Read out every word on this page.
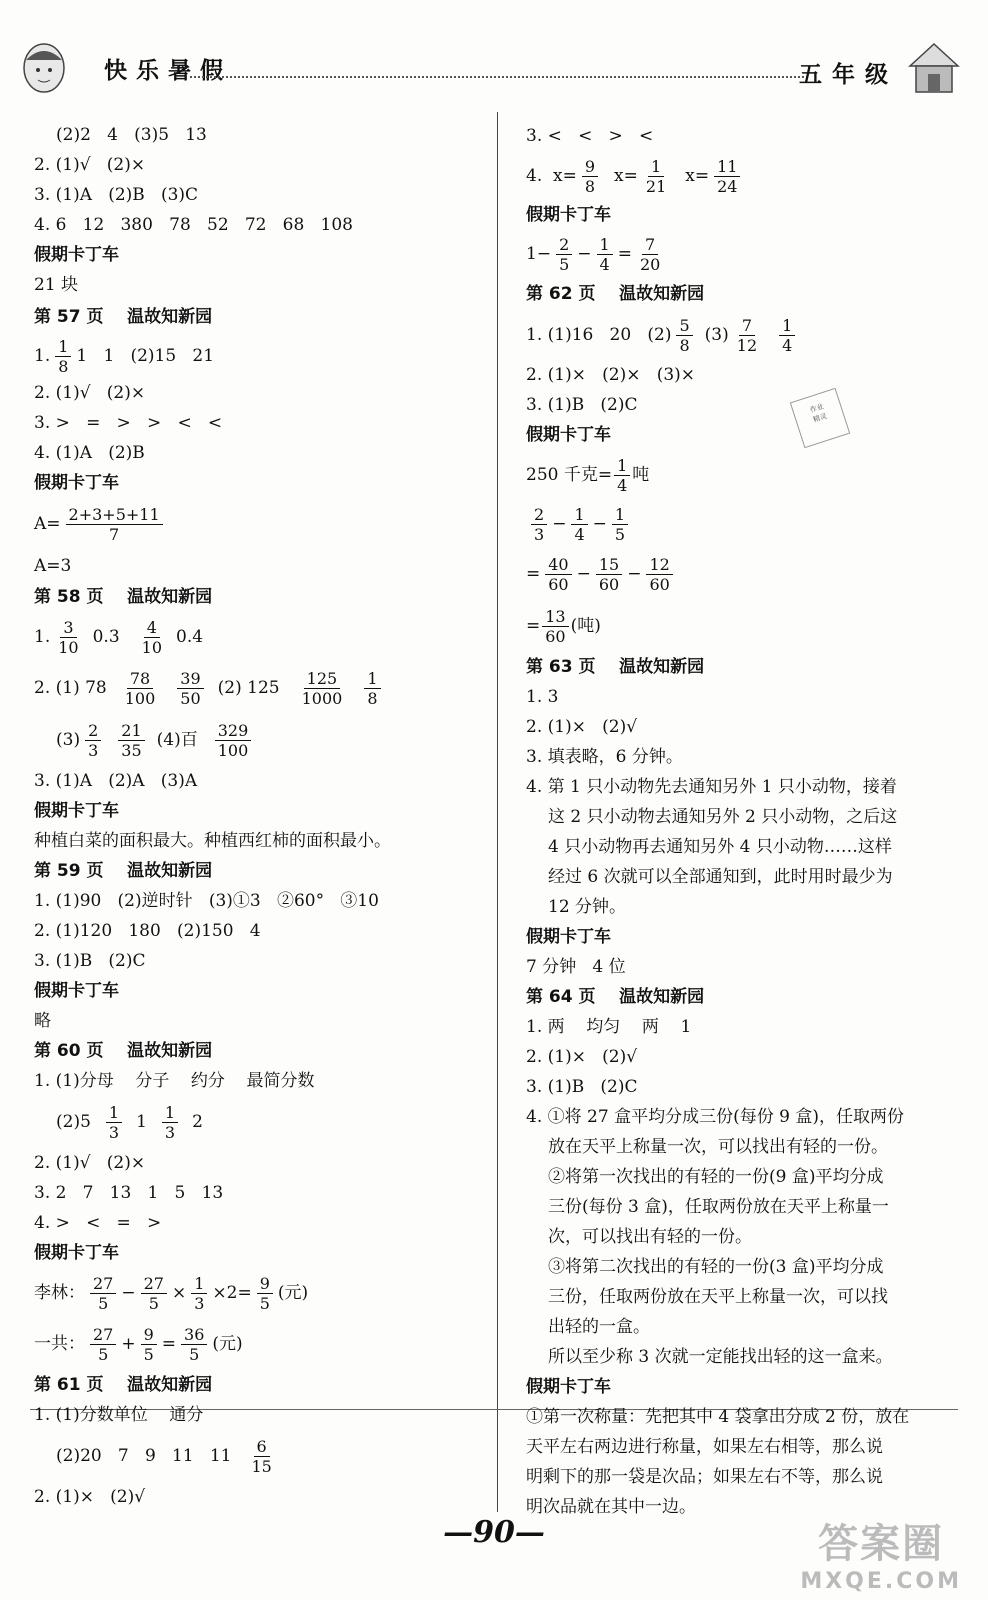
快乐暑假	五年级

(2)2   4   (3)5   13

2. (1)√   (2)×

3. (1)A   (2)B   (3)C

4. 6   12   380   78   52   72   68   108

假期卡丁车

21 块

第 57 页    温故知新园

1. $\frac{1}{8} 1$   1   (2)15   21

2. (1)√   (2)×

3. >   =   >   >   <   <

4. (1)A   (2)B

假期卡丁车

$A= \frac{2+3+5+11}{7}$

A=3

第 58 页    温故知新园

1. $\frac{3}{10} 0.3 \frac{4}{10} 0.4$
2. (1) $78 \frac{78}{100} \frac{39}{50} (2)$ $125 \frac{125}{1000} \frac{1}{8}$
$(3) \frac{2}{3} \frac{21}{35} (4)$百 $\frac{329}{100}$

3. (1)A   (2)A   (3)A

假期卡丁车

种植白菜的面积最大。种植西红柿的面积最小。

第 59 页    温故知新园

1. (1)90   (2)逆时针   (3)①3   ②60°   ③10

2. (1)120   180   (2)150   4

3. (1)B   (2)C

假期卡丁车

略

第 60 页    温故知新园

1. (1)分母    分子    约分    最简分数

$(2)5 \frac{1}{3} 1 \frac{1}{3} 2$

2. (1)√   (2)×

3. 2   7   13   1   5   13

4. >   <   =   >

假期卡丁车

李林： $\frac{27}{5} - \frac{27}{5} \times \frac{1}{3} \times 2= \frac{9}{5}$ (元)
一共： $\frac{27}{5} + \frac{9}{5} = \frac{36}{5}$ (元)

第 61 页    温故知新园

1. (1)分数单位    通分

(2)20   7   9   11   $11 \frac{6}{15}$

2. (1)×   (2)√

3. <   <   >   <

4.  $x= \frac{9}{8} x= \frac{1}{21} x= \frac{11}{24}$

假期卡丁车

$1- \frac{2}{5} - \frac{1}{4} = \frac{7}{20}$

第 62 页    温故知新园

1. (1)16   20   $(2) \frac{5}{8} (3) \frac{7}{12} \frac{1}{4}$

2. (1)×   (2)×   (3)×

3. (1)B   (2)C

假期卡丁车

250 千克= $\frac{1}{4}$ 吨
$\frac{2}{3} - \frac{1}{4} - \frac{1}{5}$
= $\frac{40}{60} - \frac{15}{60} - \frac{12}{60}$
= $\frac{13}{60}$ (吨)

第 63 页    温故知新园

1. 3

2. (1)×   (2)√

3. 填表略，6 分钟。

4. 第 1 只小动物先去通知另外 1 只小动物，接着

这 2 只小动物去通知另外 2 只小动物，之后这

4 只小动物再去通知另外 4 只小动物……这样

经过 6 次就可以全部通知到，此时用时最少为

12 分钟。

假期卡丁车

7 分钟   4 位

第 64 页    温故知新园

1. 两    均匀    两    1

2. (1)×   (2)√

3. (1)B   (2)C

4. ①将 27 盒平均分成三份(每份 9 盒)，任取两份

放在天平上称量一次，可以找出有轻的一份。

②将第一次找出的有轻的一份(9 盒)平均分成

三份(每份 3 盒)，任取两份放在天平上称量一

次，可以找出有轻的一份。

③将第二次找出的有轻的一份(3 盒)平均分成

三份，任取两份放在天平上称量一次，可以找

出轻的一盒。

所以至少称 3 次就一定能找出轻的这一盒来。

假期卡丁车

①第一次称量：先把其中 4 袋拿出分成 2 份，放在

天平左右两边进行称量，如果左右相等，那么说

明剩下的那一袋是次品；如果左右不等，那么说

明次品就在其中一边。

作业
精灵
—90—	答案圈
MXQE.COM
